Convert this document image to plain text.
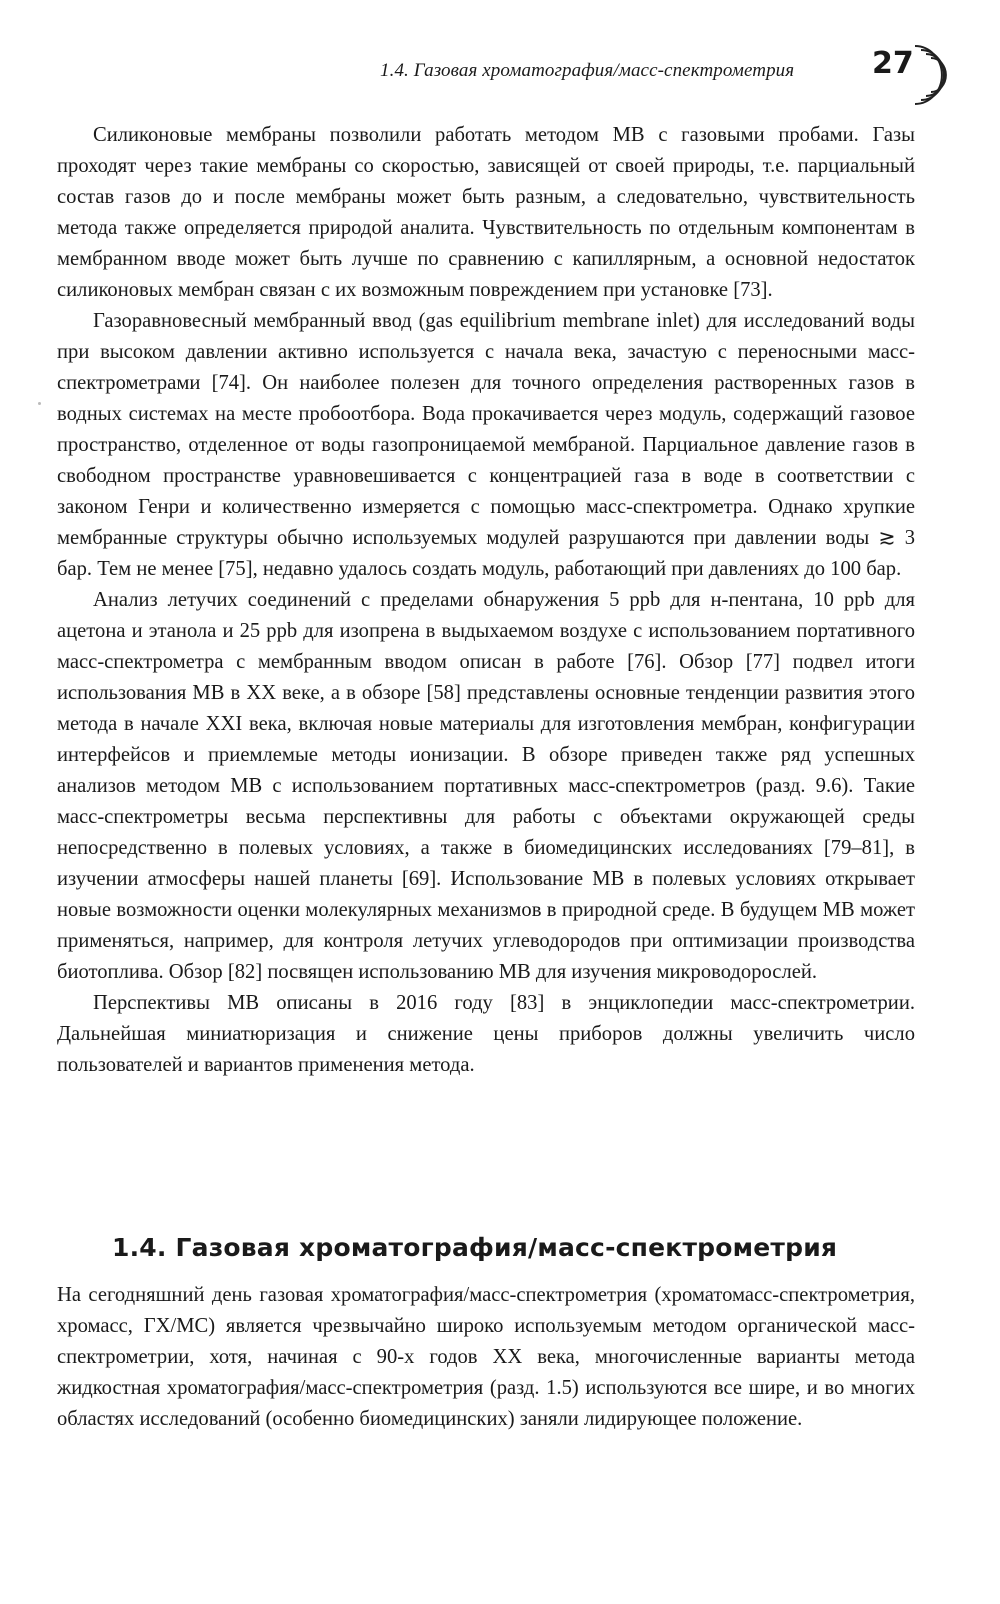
1.4. Газовая хроматография/масс-спектрометрия	27

Силиконовые мембраны позволили работать методом МВ с газовыми пробами. Газы проходят через такие мембраны со скоростью, зависящей от своей природы, т.е. парциальный состав газов до и после мембраны может быть разным, а следовательно, чувствительность метода также определяется природой аналита. Чувствительность по отдельным компонентам в мембранном вводе может быть лучше по сравнению с капиллярным, а основной недостаток силиконовых мембран связан с их возможным повреждением при установке [73].

Газоравновесный мембранный ввод (gas equilibrium membrane inlet) для исследований воды при высоком давлении активно используется с начала века, зачастую с переносными масс-спектрометрами [74]. Он наиболее полезен для точного определения растворенных газов в водных системах на месте пробоотбора. Вода прокачивается через модуль, содержащий газовое пространство, отделенное от воды газопроницаемой мембраной. Парциальное давление газов в свободном пространстве уравновешивается с концентрацией газа в воде в соответствии с законом Генри и количественно измеряется с помощью масс-спектрометра. Однако хрупкие мембранные структуры обычно используемых модулей разрушаются при давлении воды ≳ 3 бар. Тем не менее [75], недавно удалось создать модуль, работающий при давлениях до 100 бар.

Анализ летучих соединений с пределами обнаружения 5 ppb для н-пентана, 10 ppb для ацетона и этанола и 25 ppb для изопрена в выдыхаемом воздухе с использованием портативного масс-спектрометра с мембранным вводом описан в работе [76]. Обзор [77] подвел итоги использования МВ в XX веке, а в обзоре [58] представлены основные тенденции развития этого метода в начале XXI века, включая новые материалы для изготовления мембран, конфигурации интерфейсов и приемлемые методы ионизации. В обзоре приведен также ряд успешных анализов методом МВ с использованием портативных масс-спектрометров (разд. 9.6). Такие масс-спектрометры весьма перспективны для работы с объектами окружающей среды непосредственно в полевых условиях, а также в биомедицинских исследованиях [79–81], в изучении атмосферы нашей планеты [69]. Использование МВ в полевых условиях открывает новые возможности оценки молекулярных механизмов в природной среде. В будущем МВ может применяться, например, для контроля летучих углеводородов при оптимизации производства биотоплива. Обзор [82] посвящен использованию МВ для изучения микроводорослей.

Перспективы МВ описаны в 2016 году [83] в энциклопедии масс-спектрометрии. Дальнейшая миниатюризация и снижение цены приборов должны увеличить число пользователей и вариантов применения метода.

1.4. Газовая хроматография/масс-спектрометрия

На сегодняшний день газовая хроматография/масс-спектрометрия (хроматомасс-спектрометрия, хромасс, ГХ/МС) является чрезвычайно широко используемым методом органической масс-спектрометрии, хотя, начиная с 90-х годов XX века, многочисленные варианты метода жидкостная хроматография/масс-спектрометрия (разд. 1.5) используются все шире, и во многих областях исследований (особенно биомедицинских) заняли лидирующее положение.
